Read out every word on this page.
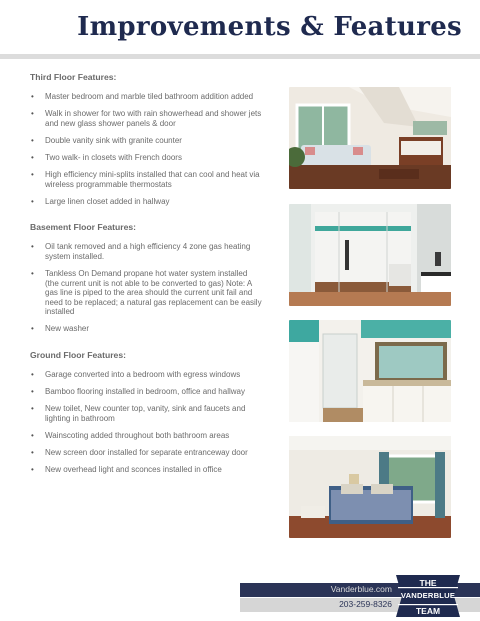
Improvements & Features
Third Floor Features:
• Master bedroom and marble tiled bathroom addition added
• Walk in shower for two with rain showerhead and shower jets and new glass shower panels & door
• Double vanity sink with granite counter
• Two walk- in closets with French doors
• High efficiency mini-splits installed that can cool and heat via wireless programmable thermostats
• Large linen closet added in hallway
Basement Floor Features:
• Oil tank removed and a high efficiency 4 zone gas heating system installed.
• Tankless On Demand propane hot water system installed (the current unit is not able to be converted to gas) Note: A gas line is piped to the area should the current unit fail and need to be replaced; a natural gas replacement can be easily installed
• New washer
Ground Floor Features:
• Garage converted into a bedroom with egress windows
• Bamboo flooring installed in bedroom, office and hallway
• New toilet, New counter top, vanity, sink and faucets and lighting in bathroom
• Wainscoting added throughout both bathroom areas
• New screen door installed for separate entranceway door
• New overhead light and sconces installed in office
Vanderblue.com
203-259-8326
THE
VANDERBLUE
TEAM
